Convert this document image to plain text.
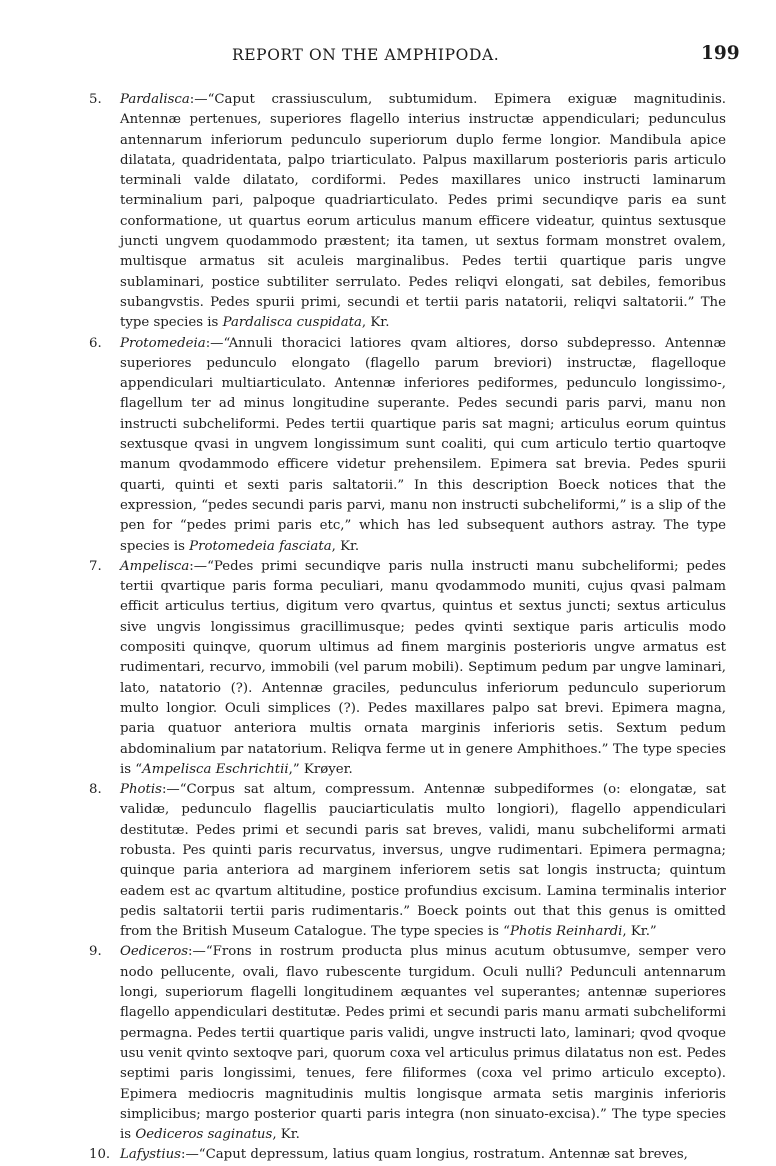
REPORT ON THE AMPHIPODA.	199
5. Pardalisca:—“Caput crassiusculum, subtumidum. Epimera exiguæ magnitudinis. Antennæ pertenues, superiores flagello interius instructæ appendiculari; pedunculus antennarum inferiorum pedunculo superiorum duplo ferme longior. Mandibula apice dilatata, quadridentata, palpo triarticulato. Palpus maxillarum posterioris paris articulo terminali valde dilatato, cordiformi. Pedes maxillares unico instructi laminarum terminalium pari, palpoque quadriarticulato. Pedes primi secundiqve paris ea sunt conformatione, ut quartus eorum articulus manum efficere videatur, quintus sextusque juncti ungvem quodammodo præstent; ita tamen, ut sextus formam monstret ovalem, multisque armatus sit aculeis marginalibus. Pedes tertii quartique paris ungve sublaminari, postice subtiliter serrulato. Pedes reliqvi elongati, sat debiles, femoribus subangvstis. Pedes spurii primi, secundi et tertii paris natatorii, reliqvi saltatorii.” The type species is Pardalisca cuspidata, Kr.
6. Protomedeia:—“Annuli thoracici latiores qvam altiores, dorso subdepresso. Antennæ superiores pedunculo elongato (flagello parum breviori) instructæ, flagelloque appendiculari multiarticulato. Antennæ inferiores pediformes, pedunculo longissimo-, flagellum ter ad minus longitudine superante. Pedes secundi paris parvi, manu non instructi subcheliformi. Pedes tertii quartique paris sat magni; articulus eorum quintus sextusque qvasi in ungvem longissimum sunt coaliti, qui cum articulo tertio quartoqve manum qvodammodo efficere videtur prehensilem. Epimera sat brevia. Pedes spurii quarti, quinti et sexti paris saltatorii.” In this description Boeck notices that the expression, “pedes secundi paris parvi, manu non instructi subcheliformi,” is a slip of the pen for “pedes primi paris etc,” which has led subsequent authors astray. The type species is Protomedeia fasciata, Kr.
7. Ampelisca:—“Pedes primi secundiqve paris nulla instructi manu subcheliformi; pedes tertii qvartique paris forma peculiari, manu qvodammodo muniti, cujus qvasi palmam efficit articulus tertius, digitum vero qvartus, quintus et sextus juncti; sextus articulus sive ungvis longissimus gracillimusque; pedes qvinti sextique paris articulis modo compositi quinqve, quorum ultimus ad finem marginis posterioris ungve armatus est rudimentari, recurvo, immobili (vel parum mobili). Septimum pedum par ungve laminari, lato, natatorio (?). Antennæ graciles, pedunculus inferiorum pedunculo superiorum multo longior. Oculi simplices (?). Pedes maxillares palpo sat brevi. Epimera magna, paria quatuor anteriora multis ornata marginis inferioris setis. Sextum pedum abdominalium par natatorium. Reliqva ferme ut in genere Amphithoes.” The type species is “Ampelisca Eschrichtii,” Krøyer.
8. Photis:—“Corpus sat altum, compressum. Antennæ subpediformes (o: elongatæ, sat validæ, pedunculo flagellis pauciarticulatis multo longiori), flagello appendiculari destitutæ. Pedes primi et secundi paris sat breves, validi, manu subcheliformi armati robusta. Pes quinti paris recurvatus, inversus, ungve rudimentari. Epimera permagna; quinque paria anteriora ad marginem inferiorem setis sat longis instructa; quintum eadem est ac qvartum altitudine, postice profundius excisum. Lamina terminalis interior pedis saltatorii tertii paris rudimentaris.” Boeck points out that this genus is omitted from the British Museum Catalogue. The type species is “Photis Reinhardi, Kr.”
9. Oediceros:—“Frons in rostrum producta plus minus acutum obtusumve, semper vero nodo pellucente, ovali, flavo rubescente turgidum. Oculi nulli? Pedunculi antennarum longi, superiorum flagelli longitudinem æquantes vel superantes; antennæ superiores flagello appendiculari destitutæ. Pedes primi et secundi paris manu armati subcheliformi permagna. Pedes tertii quartique paris validi, ungve instructi lato, laminari; qvod qvoque usu venit qvinto sextoqve pari, quorum coxa vel articulus primus dilatatus non est. Pedes septimi paris longissimi, tenues, fere filiformes (coxa vel primo articulo excepto). Epimera mediocris magnitudinis multis longisque armata setis marginis inferioris simplicibus; margo posterior quarti paris integra (non sinuato-excisa).” The type species is Oediceros saginatus, Kr.
10. Lafystius:—“Caput depressum, latius quam longius, rostratum. Antennæ sat breves,
